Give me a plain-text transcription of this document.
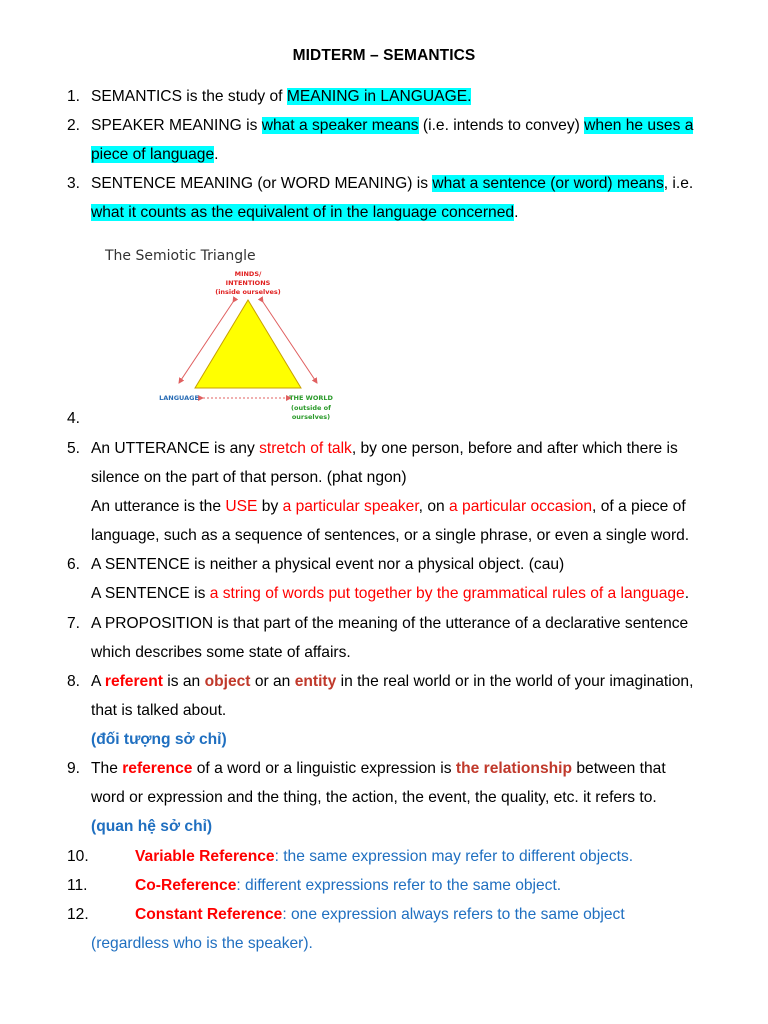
MIDTERM – SEMANTICS
1. SEMANTICS is the study of MEANING in LANGUAGE.
2. SPEAKER MEANING is what a speaker means (i.e. intends to convey) when he uses a
piece of language.
3. SENTENCE MEANING (or WORD MEANING) is what a sentence (or word) means, i.e.
what it counts as the equivalent of in the language concerned.
The Semiotic Triangle
MINDS/
INTENTIONS
(inside ourselves)
LANGUAGE	THE WORLD
(outside of
ourselves)
4.
5. An UTTERANCE is any stretch of talk, by one person, before and after which there is
silence on the part of that person. (phat ngon)
An utterance is the USE by a particular speaker, on a particular occasion, of a piece of
language, such as a sequence of sentences, or a single phrase, or even a single word.
6. A SENTENCE is neither a physical event nor a physical object. (cau)
A SENTENCE is a string of words put together by the grammatical rules of a language.
7. A PROPOSITION is that part of the meaning of the utterance of a declarative sentence
which describes some state of affairs.
8. A referent is an object or an entity in the real world or in the world of your imagination,
that is talked about.
(đối tượng sở chỉ)
9. The reference of a word or a linguistic expression is the relationship between that
word or expression and the thing, the action, the event, the quality, etc. it refers to.
(quan hệ sở chỉ)
10.	Variable Reference: the same expression may refer to different objects.
11.	Co-Reference: different expressions refer to the same object.
12.	Constant Reference: one expression always refers to the same object
(regardless who is the speaker).
